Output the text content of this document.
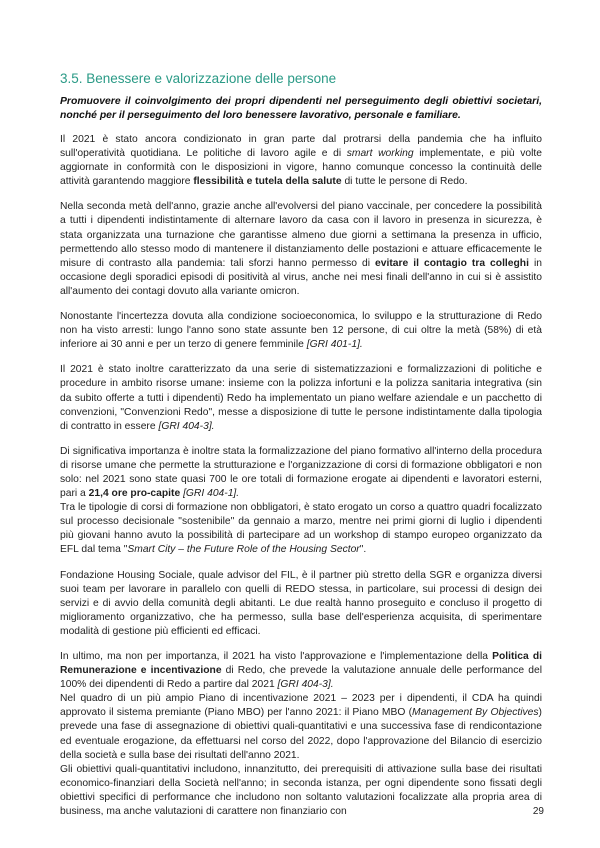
3.5. Benessere e valorizzazione delle persone

Promuovere il coinvolgimento dei propri dipendenti nel perseguimento degli obiettivi societari, nonché per il perseguimento del loro benessere lavorativo, personale e familiare.

Il 2021 è stato ancora condizionato in gran parte dal protrarsi della pandemia che ha influito sull'operatività quotidiana. Le politiche di lavoro agile e di smart working implementate, e più volte aggiornate in conformità con le disposizioni in vigore, hanno comunque concesso la continuità delle attività garantendo maggiore flessibilità e tutela della salute di tutte le persone di Redo.

Nella seconda metà dell'anno, grazie anche all'evolversi del piano vaccinale, per concedere la possibilità a tutti i dipendenti indistintamente di alternare lavoro da casa con il lavoro in presenza in sicurezza, è stata organizzata una turnazione che garantisse almeno due giorni a settimana la presenza in ufficio, permettendo allo stesso modo di mantenere il distanziamento delle postazioni e attuare efficacemente le misure di contrasto alla pandemia: tali sforzi hanno permesso di evitare il contagio tra colleghi in occasione degli sporadici episodi di positività al virus, anche nei mesi finali dell'anno in cui si è assistito all'aumento dei contagi dovuto alla variante omicron.

Nonostante l'incertezza dovuta alla condizione socioeconomica, lo sviluppo e la strutturazione di Redo non ha visto arresti: lungo l'anno sono state assunte ben 12 persone, di cui oltre la metà (58%) di età inferiore ai 30 anni e per un terzo di genere femminile [GRI 401-1].

Il 2021 è stato inoltre caratterizzato da una serie di sistematizzazioni e formalizzazioni di politiche e procedure in ambito risorse umane: insieme con la polizza infortuni e la polizza sanitaria integrativa (sin da subito offerte a tutti i dipendenti) Redo ha implementato un piano welfare aziendale e un pacchetto di convenzioni, "Convenzioni Redo", messe a disposizione di tutte le persone indistintamente dalla tipologia di contratto in essere [GRI 404-3].

Di significativa importanza è inoltre stata la formalizzazione del piano formativo all'interno della procedura di risorse umane che permette la strutturazione e l'organizzazione di corsi di formazione obbligatori e non solo: nel 2021 sono state quasi 700 le ore totali di formazione erogate ai dipendenti e lavoratori esterni, pari a 21,4 ore pro-capite [GRI 404-1].

Tra le tipologie di corsi di formazione non obbligatori, è stato erogato un corso a quattro quadri focalizzato sul processo decisionale "sostenibile" da gennaio a marzo, mentre nei primi giorni di luglio i dipendenti più giovani hanno avuto la possibilità di partecipare ad un workshop di stampo europeo organizzato da EFL dal tema "Smart City – the Future Role of the Housing Sector".

Fondazione Housing Sociale, quale advisor del FIL, è il partner più stretto della SGR e organizza diversi suoi team per lavorare in parallelo con quelli di REDO stessa, in particolare, sui processi di design dei servizi e di avvio della comunità degli abitanti. Le due realtà hanno proseguito e concluso il progetto di miglioramento organizzativo, che ha permesso, sulla base dell'esperienza acquisita, di sperimentare modalità di gestione più efficienti ed efficaci.

In ultimo, ma non per importanza, il 2021 ha visto l'approvazione e l'implementazione della Politica di Remunerazione e incentivazione di Redo, che prevede la valutazione annuale delle performance del 100% dei dipendenti di Redo a partire dal 2021 [GRI 404-3].

Nel quadro di un più ampio Piano di incentivazione 2021 – 2023 per i dipendenti, il CDA ha quindi approvato il sistema premiante (Piano MBO) per l'anno 2021: il Piano MBO (Management By Objectives) prevede una fase di assegnazione di obiettivi quali-quantitativi e una successiva fase di rendicontazione ed eventuale erogazione, da effettuarsi nel corso del 2022, dopo l'approvazione del Bilancio di esercizio della società e sulla base dei risultati dell'anno 2021.

Gli obiettivi quali-quantitativi includono, innanzitutto, dei prerequisiti di attivazione sulla base dei risultati economico-finanziari della Società nell'anno; in seconda istanza, per ogni dipendente sono fissati degli obiettivi specifici di performance che includono non soltanto valutazioni focalizzate alla propria area di business, ma anche valutazioni di carattere non finanziario con	29
